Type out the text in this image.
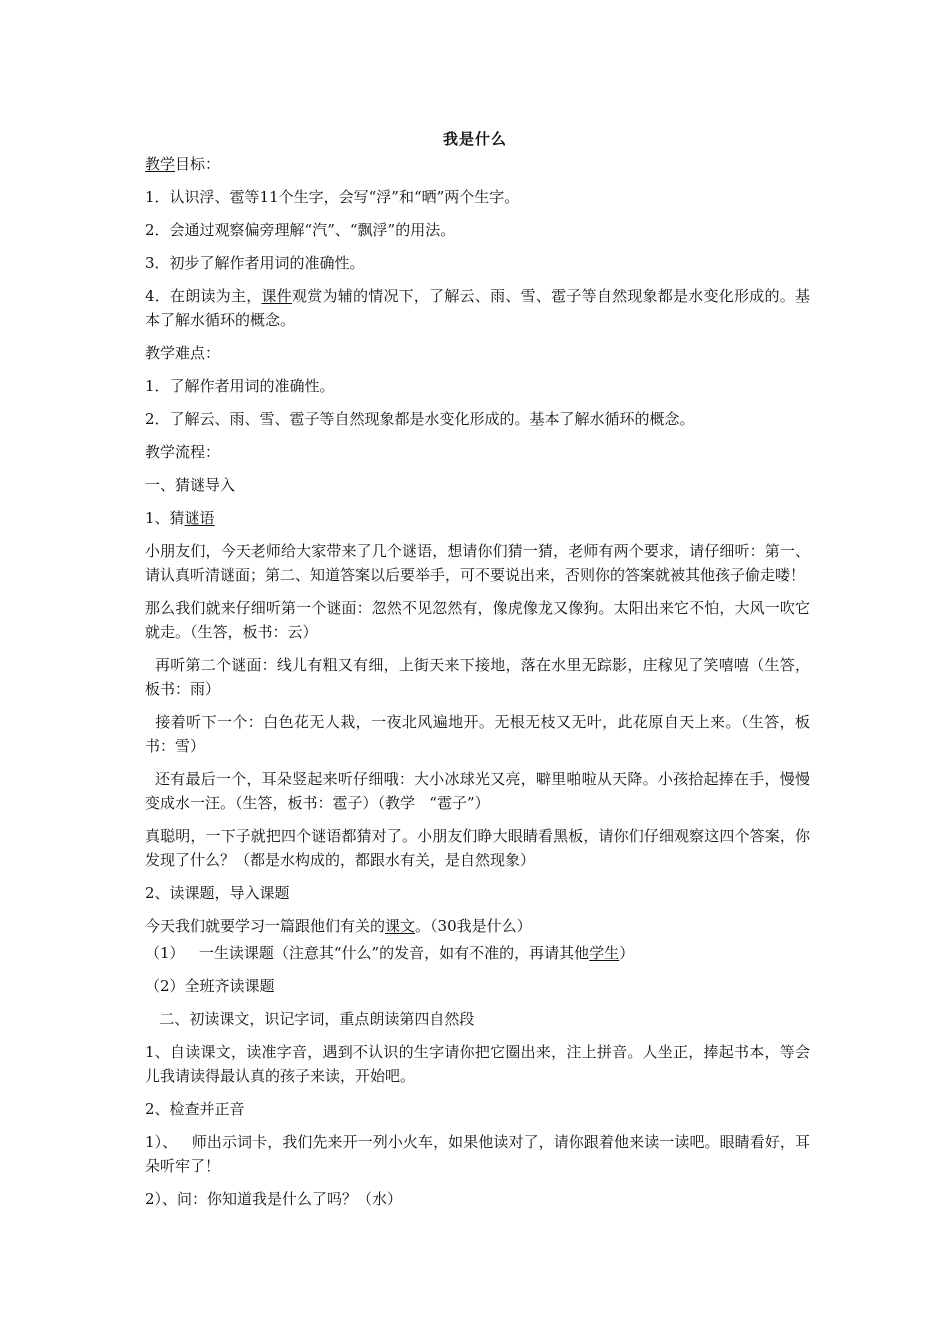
我是什么
教学目标：
1．认识浮、雹等11个生字，会写“浮”和“晒”两个生字。
2．会通过观察偏旁理解“汽”、“飘浮”的用法。
3．初步了解作者用词的准确性。
4．在朗读为主，课件观赏为辅的情况下，了解云、雨、雪、雹子等自然现象都是水变化形成的。基本了解水循环的概念。
教学难点：
1．了解作者用词的准确性。
2．了解云、雨、雪、雹子等自然现象都是水变化形成的。基本了解水循环的概念。
教学流程：
一、猜谜导入
1、猜谜语
小朋友们，今天老师给大家带来了几个谜语，想请你们猜一猜，老师有两个要求，请仔细听：第一、请认真听清谜面；第二、知道答案以后要举手，可不要说出来，否则你的答案就被其他孩子偷走喽！
那么我们就来仔细听第一个谜面：忽然不见忽然有，像虎像龙又像狗。太阳出来它不怕，大风一吹它就走。（生答，板书：云）
再听第二个谜面：线儿有粗又有细，上街天来下接地，落在水里无踪影，庄稼见了笑嘻嘻（生答，板书：雨）
接着听下一个：白色花无人栽，一夜北风遍地开。无根无枝又无叶，此花原自天上来。（生答，板书：雪）
还有最后一个，耳朵竖起来听仔细哦：大小冰球光又亮，噼里啪啦从天降。小孩拾起捧在手，慢慢变成水一汪。（生答，板书：雹子）（教学   “雹子”）
真聪明，一下子就把四个谜语都猜对了。小朋友们睁大眼睛看黑板，请你们仔细观察这四个答案，你发现了什么？（都是水构成的，都跟水有关，是自然现象）
2、读课题，导入课题
今天我们就要学习一篇跟他们有关的课文。（30我是什么）
（1）   一生读课题（注意其“什么”的发音，如有不准的，再请其他学生）
（2）全班齐读课题
二、初读课文，识记字词，重点朗读第四自然段
1、自读课文，读准字音，遇到不认识的生字请你把它圈出来，注上拼音。人坐正，捧起书本，等会儿我请读得最认真的孩子来读，开始吧。
2、检查并正音
1）、   师出示词卡，我们先来开一列小火车，如果他读对了，请你跟着他来读一读吧。眼睛看好，耳朵听牢了！
2）、问：你知道我是什么了吗？（水）
